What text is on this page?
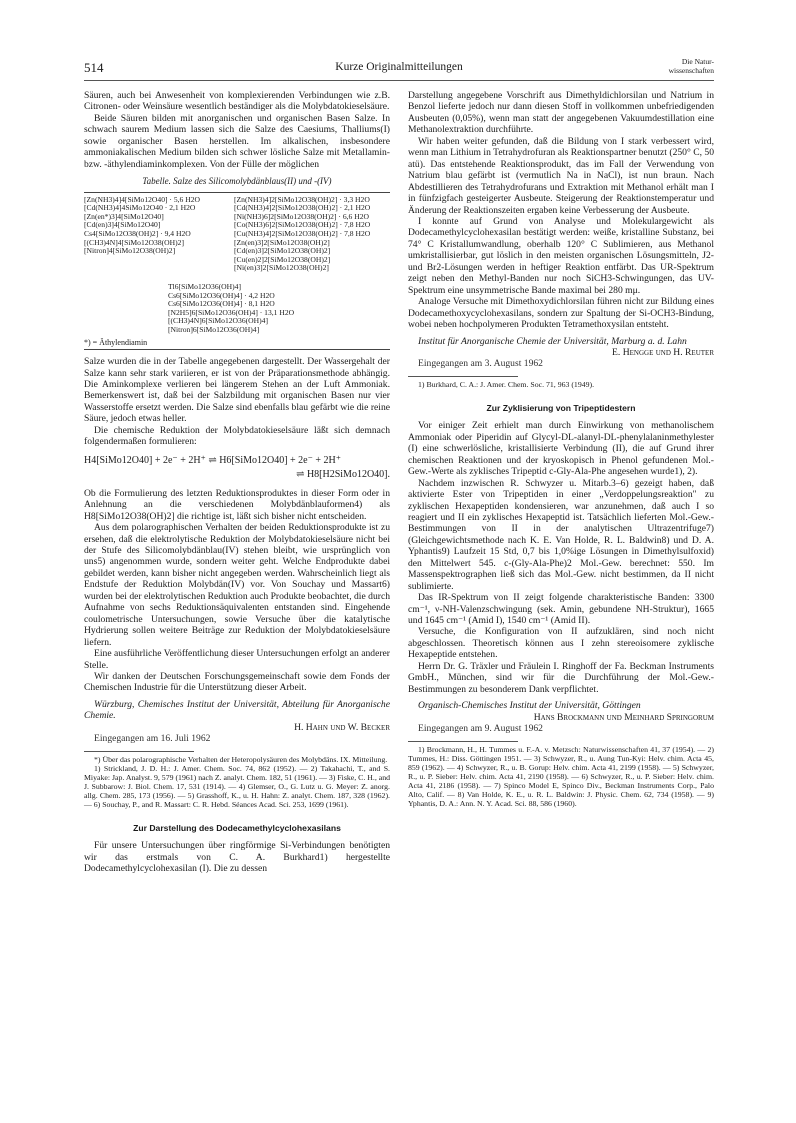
514	Kurze Originalmitteilungen	Die Natur-
wissenschaften

Säuren, auch bei Anwesenheit von komplexierenden Verbindungen wie z.B. Citronen- oder Weinsäure wesentlich beständiger als die Molybdatokieselsäure.

Beide Säuren bilden mit anorganischen und organischen Basen Salze. In schwach saurem Medium lassen sich die Salze des Caesiums, Thalliums(I) sowie organischer Basen herstellen. Im alkalischen, insbesondere ammoniakalischen Medium bilden sich schwer lösliche Salze mit Metallamin- bzw. -äthylendiaminkomplexen. Von der Fülle der möglichen

Tabelle. Salze des Silicomolybdänblaus(II) und -(IV)
[Zn(NH3)4]4[SiMo12O40] · 5,6 H2O
[Cd(NH3)4]4SiMo12O40 · 2,1 H2O
[Zn(en*)3]4[SiMo12O40]
[Cd(en)3]4[SiMo12O40]
Cs4[SiMo12O38(OH)2] · 9,4 H2O
[(CH3)4N]4[SiMo12O38(OH)2]
[Nitron]4[SiMo12O38(OH)2]
[Zn(NH3)4]2[SiMo12O38(OH)2] · 3,3 H2O
[Cd(NH3)4]2[SiMo12O38(OH)2] · 2,1 H2O
[Ni(NH3)6]2[SiMo12O38(OH)2] · 6,6 H2O
[Co(NH3)6]2[SiMo12O38(OH)2] · 7,8 H2O
[Cu(NH3)4]2[SiMo12O38(OH)2] · 7,8 H2O
[Zn(en)3]2[SiMo12O38(OH)2]
[Cd(en)3]2[SiMo12O38(OH)2]
[Cu(en)2]2[SiMo12O38(OH)2]
[Ni(en)3]2[SiMo12O38(OH)2]
Tl6[SiMo12O36(OH)4]
Cs6[SiMo12O36(OH)4] · 4,2 H2O
Cs6[SiMo12O36(OH)4] · 8,1 H2O
[N2H5]6[SiMo12O36(OH)4] · 13,1 H2O
[(CH3)4N]6[SiMo12O36(OH)4]
[Nitron]6[SiMo12O36(OH)4]
*) = Äthylendiamin

Salze wurden die in der Tabelle angegebenen dargestellt. Der Wassergehalt der Salze kann sehr stark variieren, er ist von der Präparationsmethode abhängig. Die Aminkomplexe verlieren bei längerem Stehen an der Luft Ammoniak. Bemerkenswert ist, daß bei der Salzbildung mit organischen Basen nur vier Wasserstoffe ersetzt werden. Die Salze sind ebenfalls blau gefärbt wie die reine Säure, jedoch etwas heller.

Die chemische Reduktion der Molybdatokieselsäure läßt sich demnach folgendermaßen formulieren:

H4[SiMo12O40] + 2e⁻ + 2H⁺ ⇌ H6[SiMo12O40] + 2e⁻ + 2H⁺
⇌ H8[H2SiMo12O40].

Ob die Formulierung des letzten Reduktionsproduktes in dieser Form oder in Anlehnung an die verschiedenen Molybdänblauformen4) als H8[SiMo12O38(OH)2] die richtige ist, läßt sich bisher nicht entscheiden.

Aus dem polarographischen Verhalten der beiden Reduktionsprodukte ist zu ersehen, daß die elektrolytische Reduktion der Molybdatokieselsäure nicht bei der Stufe des Silicomolybdänblau(IV) stehen bleibt, wie ursprünglich von uns5) angenommen wurde, sondern weiter geht. Welche Endprodukte dabei gebildet werden, kann bisher nicht angegeben werden. Wahrscheinlich liegt als Endstufe der Reduktion Molybdän(IV) vor. Von Souchay und Massart6) wurden bei der elektrolytischen Reduktion auch Produkte beobachtet, die durch Aufnahme von sechs Reduktionsäquivalenten entstanden sind. Eingehende coulometrische Untersuchungen, sowie Versuche über die katalytische Hydrierung sollen weitere Beiträge zur Reduktion der Molybdatokieselsäure liefern.

Eine ausführliche Veröffentlichung dieser Untersuchungen erfolgt an anderer Stelle.

Wir danken der Deutschen Forschungsgemeinschaft sowie dem Fonds der Chemischen Industrie für die Unterstützung dieser Arbeit.

Würzburg, Chemisches Institut der Universität, Abteilung für Anorganische Chemie.
H. Hahn und W. Becker
Eingegangen am 16. Juli 1962

*) Über das polarographische Verhalten der Heteropolysäuren des Molybdäns. IX. Mitteilung.

1) Strickland, J. D. H.: J. Amer. Chem. Soc. 74, 862 (1952). — 2) Takahachi, T., and S. Miyake: Jap. Analyst. 9, 579 (1961) nach Z. analyt. Chem. 182, 51 (1961). — 3) Fiske, C. H., and J. Subbarow: J. Biol. Chem. 17, 531 (1914). — 4) Glemser, O., G. Lutz u. G. Meyer: Z. anorg. allg. Chem. 285, 173 (1956). — 5) Grasshoff, K., u. H. Hahn: Z. analyt. Chem. 187, 328 (1962). — 6) Souchay, P., and R. Massart: C. R. Hebd. Séances Acad. Sci. 253, 1699 (1961).

Zur Darstellung des Dodecamethylcyclohexasilans

Für unsere Untersuchungen über ringförmige Si-Verbindungen benötigten wir das erstmals von C. A. Burkhard1) hergestellte Dodecamethylcyclohexasilan (I). Die zu dessen

Darstellung angegebene Vorschrift aus Dimethyldichlorsilan und Natrium in Benzol lieferte jedoch nur dann diesen Stoff in vollkommen unbefriedigenden Ausbeuten (0,05%), wenn man statt der angegebenen Vakuumdestillation eine Methanolextraktion durchführte.

Wir haben weiter gefunden, daß die Bildung von I stark verbessert wird, wenn man Lithium in Tetrahydrofuran als Reaktionspartner benutzt (250° C, 50 atü). Das entstehende Reaktionsprodukt, das im Fall der Verwendung von Natrium blau gefärbt ist (vermutlich Na in NaCl), ist nun braun. Nach Abdestillieren des Tetrahydrofurans und Extraktion mit Methanol erhält man I in fünfzigfach gesteigerter Ausbeute. Steigerung der Reaktionstemperatur und Änderung der Reaktionszeiten ergaben keine Verbesserung der Ausbeute.

I konnte auf Grund von Analyse und Molekulargewicht als Dodecamethylcyclohexasilan bestätigt werden: weiße, kristalline Substanz, bei 74° C Kristallumwandlung, oberhalb 120° C Sublimieren, aus Methanol umkristallisierbar, gut löslich in den meisten organischen Lösungsmitteln, J2- und Br2-Lösungen werden in heftiger Reaktion entfärbt. Das UR-Spektrum zeigt neben den Methyl-Banden nur noch SiCH3-Schwingungen, das UV-Spektrum eine unsymmetrische Bande maximal bei 280 mμ.

Analoge Versuche mit Dimethoxydichlorsilan führen nicht zur Bildung eines Dodecamethoxycyclohexasilans, sondern zur Spaltung der Si-OCH3-Bindung, wobei neben hochpolymeren Produkten Tetramethoxysilan entsteht.

Institut für Anorganische Chemie der Universität, Marburg a. d. Lahn
E. Hengge und H. Reuter
Eingegangen am 3. August 1962

1) Burkhard, C. A.: J. Amer. Chem. Soc. 71, 963 (1949).

Zur Zyklisierung von Tripeptidestern

Vor einiger Zeit erhielt man durch Einwirkung von methanolischem Ammoniak oder Piperidin auf Glycyl-DL-alanyl-DL-phenylalaninmethylester (I) eine schwerlösliche, kristallisierte Verbindung (II), die auf Grund ihrer chemischen Reaktionen und der kryoskopisch in Phenol gefundenen Mol.-Gew.-Werte als zyklisches Tripeptid c-Gly-Ala-Phe angesehen wurde1), 2).

Nachdem inzwischen R. Schwyzer u. Mitarb.3–6) gezeigt haben, daß aktivierte Ester von Tripeptiden in einer „Verdoppelungsreaktion" zu zyklischen Hexapeptiden kondensieren, war anzunehmen, daß auch I so reagiert und II ein zyklisches Hexapeptid ist. Tatsächlich lieferten Mol.-Gew.-Bestimmungen von II in der analytischen Ultrazentrifuge7) (Gleichgewichtsmethode nach K. E. Van Holde, R. L. Baldwin8) und D. A. Yphantis9) Laufzeit 15 Std, 0,7 bis 1,0%ige Lösungen in Dimethylsulfoxid) den Mittelwert 545. c-(Gly-Ala-Phe)2 Mol.-Gew. berechnet: 550. Im Massenspektrographen ließ sich das Mol.-Gew. nicht bestimmen, da II nicht sublimierte.

Das IR-Spektrum von II zeigt folgende charakteristische Banden: 3300 cm⁻¹, ν-NH-Valenzschwingung (sek. Amin, gebundene NH-Struktur), 1665 und 1645 cm⁻¹ (Amid I), 1540 cm⁻¹ (Amid II).

Versuche, die Konfiguration von II aufzuklären, sind noch nicht abgeschlossen. Theoretisch können aus I zehn stereoisomere zyklische Hexapeptide entstehen.

Herrn Dr. G. Träxler und Fräulein I. Ringhoff der Fa. Beckman Instruments GmbH., München, sind wir für die Durchführung der Mol.-Gew.-Bestimmungen zu besonderem Dank verpflichtet.

Organisch-Chemisches Institut der Universität, Göttingen
Hans Brockmann und Meinhard Springorum
Eingegangen am 9. August 1962

1) Brockmann, H., H. Tummes u. F.-A. v. Metzsch: Naturwissenschaften 41, 37 (1954). — 2) Tummes, H.: Diss. Göttingen 1951. — 3) Schwyzer, R., u. Aung Tun-Kyi: Helv. chim. Acta 45, 859 (1962). — 4) Schwyzer, R., u. B. Gorup: Helv. chim. Acta 41, 2199 (1958). — 5) Schwyzer, R., u. P. Sieber: Helv. chim. Acta 41, 2190 (1958). — 6) Schwyzer, R., u. P. Sieber: Helv. chim. Acta 41, 2186 (1958). — 7) Spinco Model E, Spinco Div., Beckman Instruments Corp., Palo Alto, Calif. — 8) Van Holde, K. E., u. R. L. Baldwin: J. Physic. Chem. 62, 734 (1958). — 9) Yphantis, D. A.: Ann. N. Y. Acad. Sci. 88, 586 (1960).
